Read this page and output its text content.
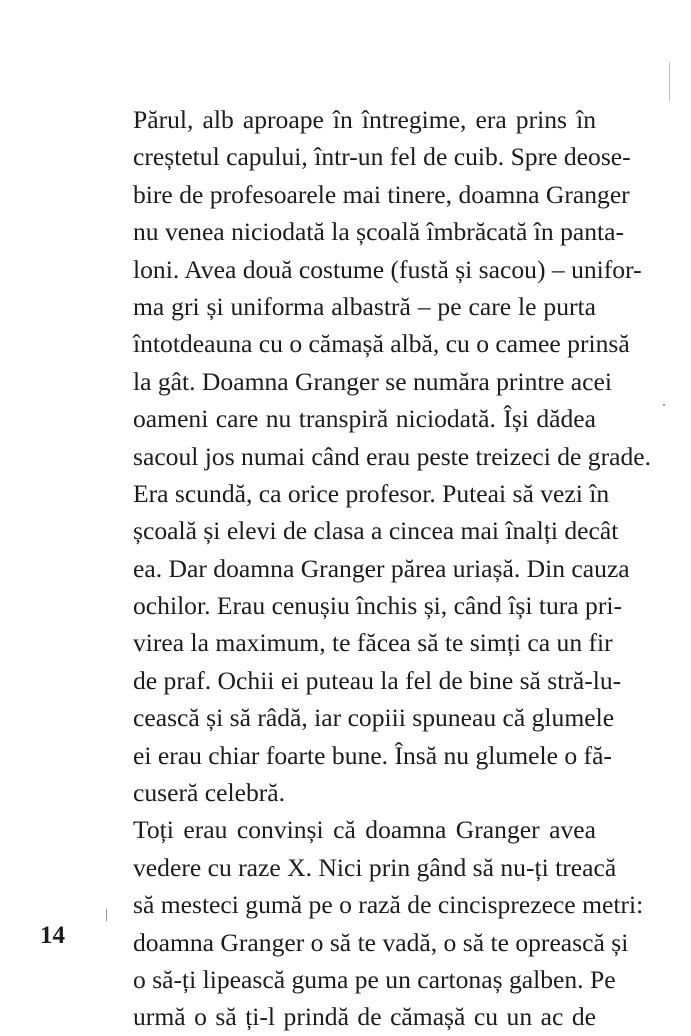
Părul, alb aproape în întregime, era prins în
creștetul capului, într-un fel de cuib. Spre deose-
bire de profesoarele mai tinere, doamna Granger
nu venea niciodată la școală îmbrăcată în panta-
loni. Avea două costume (fustă și sacou) – unifor-
ma gri și uniforma albastră – pe care le purta
întotdeauna cu o cămașă albă, cu o camee prinsă
la gât. Doamna Granger se număra printre acei
oameni care nu transpiră niciodată. Își dădea
sacoul jos numai când erau peste treizeci de grade.
Era scundă, ca orice profesor. Puteai să vezi în
școală și elevi de clasa a cincea mai înalți decât
ea. Dar doamna Granger părea uriașă. Din cauza
ochilor. Erau cenușiu închis și, când își tura pri-
virea la maximum, te făcea să te simți ca un fir
de praf. Ochii ei puteau la fel de bine să stră-lu-
cească și să râdă, iar copiii spuneau că glumele
ei erau chiar foarte bune. Însă nu glumele o fă-
cuseră celebră.
Toți erau convinși că doamna Granger avea
vedere cu raze X. Nici prin gând să nu-ți treacă
să mesteci gumă pe o rază de cincisprezece metri:
doamna Granger o să te vadă, o să te oprească și
o să-ți lipească guma pe un cartonaș galben. Pe
urmă o să ți-l prindă de cămașă cu un ac de
14
